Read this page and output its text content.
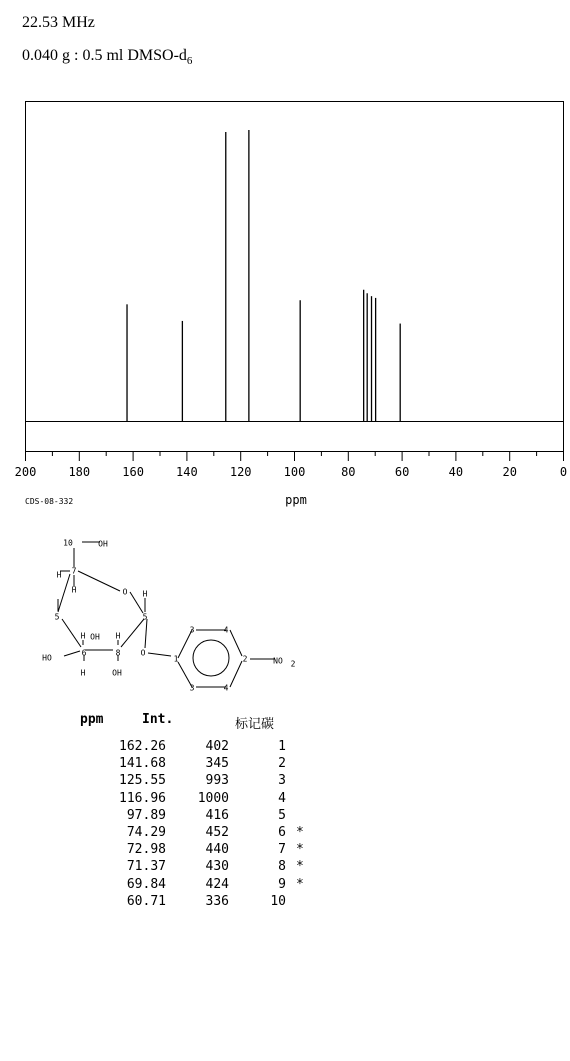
22.53 MHz
0.040 g : 0.5 ml DMSO-$d_6$
200	180	160	140	120	100	80	60	40	20	0
ppm
CDS-08-332
10	OH
7
H
H	O H
5
H OH H
5
HO
6	8	O
1
3	4
2	NO 2
3	4
H	OH
ppm	Int.	标记碳
162.26	402	1
141.68	345	2
125.55	993	3
116.96 1000	4
97.89	416	5
74.29	452	6 *
72.98	440	7 *
71.37	430	8 *
69.84	424	9 *
60.71	336	10
